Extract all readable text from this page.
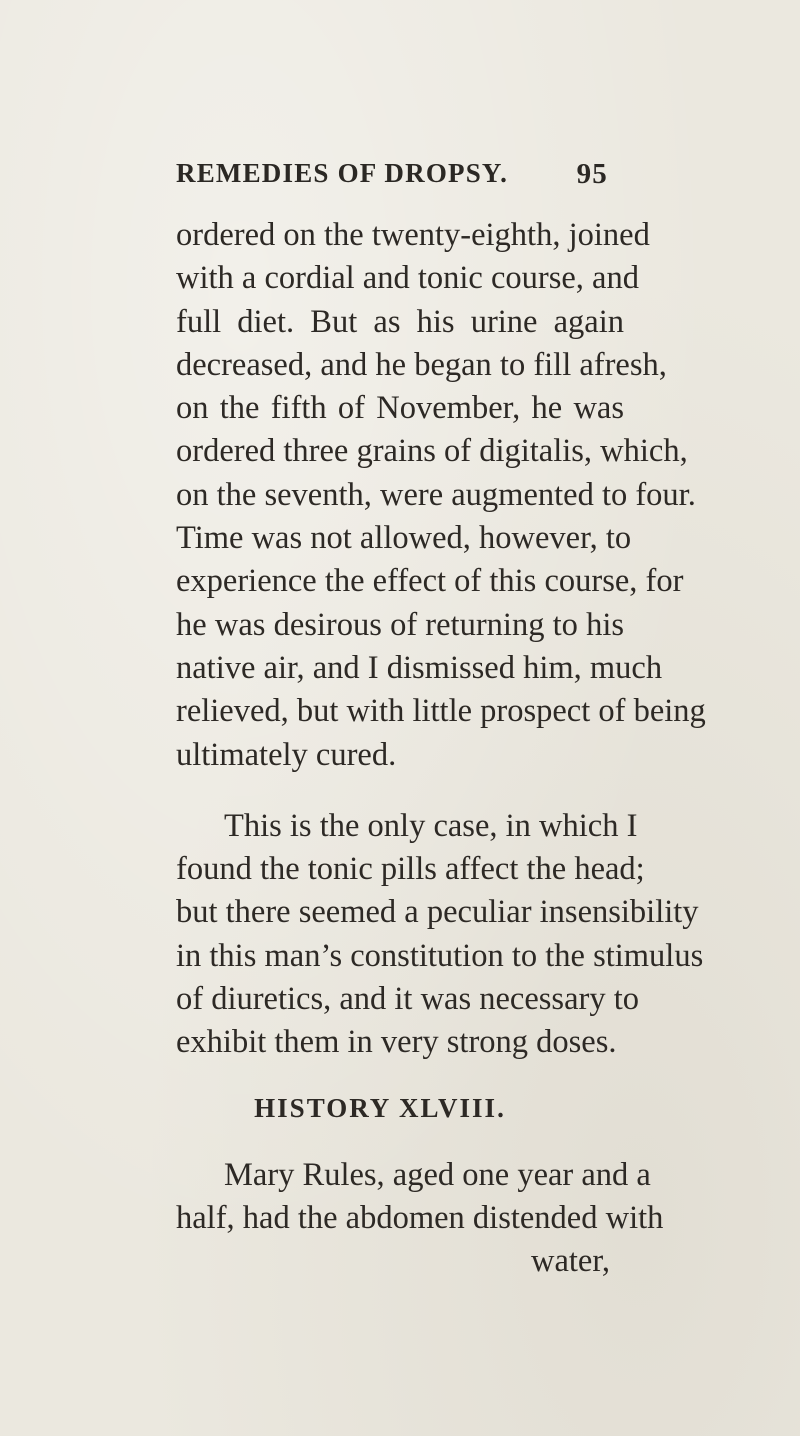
REMEDIES OF DROPSY. 95
ordered on the twenty-eighth, joined
with a cordial and tonic course, and
full diet. But as his urine again
decreased, and he began to fill afresh,
on the fifth of November, he was
ordered three grains of digitalis, which,
on the seventh, were augmented to four.
Time was not allowed, however, to
experience the effect of this course, for
he was desirous of returning to his
native air, and I dismissed him, much
relieved, but with little prospect of being
ultimately cured.
This is the only case, in which I
found the tonic pills affect the head;
but there seemed a peculiar insensibility
in this man’s constitution to the stimulus
of diuretics, and it was necessary to
exhibit them in very strong doses.
HISTORY XLVIII.
Mary Rules, aged one year and a
half, had the abdomen distended with
water,
